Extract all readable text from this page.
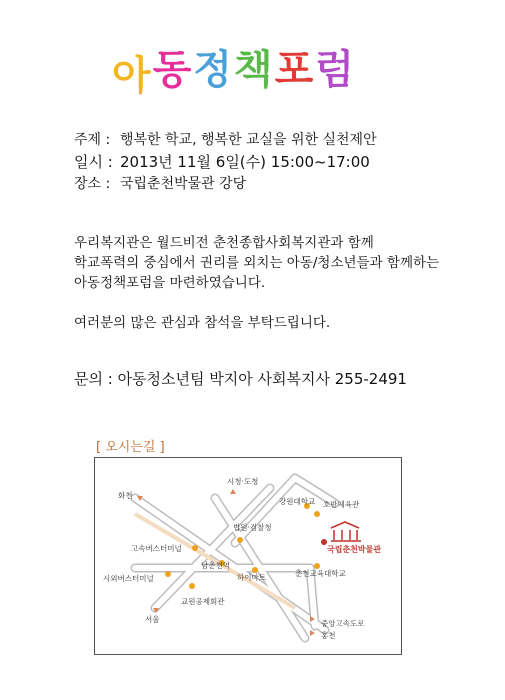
아 동 정 책 포 럼
주제 : 행복한 학교, 행복한 교실을 위한 실천제안
일시 : 2013년 11월 6일(수) 15:00~17:00
장소 : 국립춘천박물관 강당
우리복지관은 월드비전 춘천종합사회복지관과 함께
학교폭력의 중심에서 권리를 외치는 아동/청소년들과 함께하는
아동정책포럼을 마련하였습니다.
여러분의 많은 관심과 참석을 부탁드립니다.
문의 : 아동청소년팀 박지아 사회복지사 255-2491
[ 오시는길 ]
화천
시청·도청
강원대학교 호반체육관
법원·검찰청
국립춘천박물관
고속버스터미널
시외버스터미널
남춘천역
하이마트	춘천교육대학교
교원공제회관
서울	중앙고속도로
홍천
